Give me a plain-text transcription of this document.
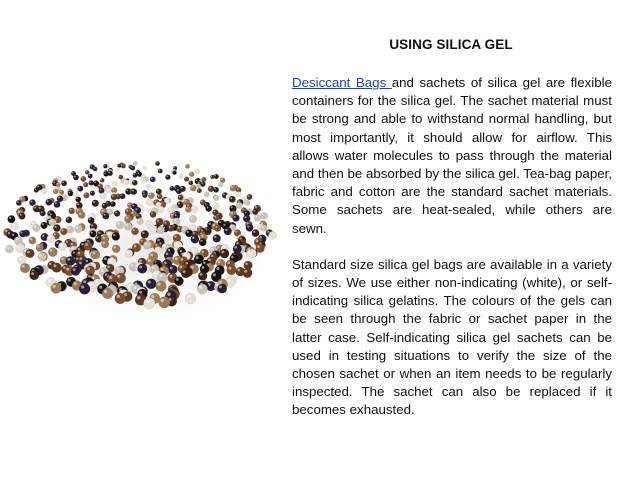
USING SILICA GEL

Desiccant Bags and sachets of silica gel are flexible containers for the silica gel. The sachet material must be strong and able to withstand normal handling, but most importantly, it should allow for airflow. This allows water molecules to pass through the material and then be absorbed by the silica gel. Tea-bag paper, fabric and cotton are the standard sachet materials. Some sachets are heat-sealed, while others are sewn.

Standard size silica gel bags are available in a variety of sizes. We use either non-indicating (white), or self-indicating silica gelatins. The colours of the gels can be seen through the fabric or sachet paper in the latter case. Self-indicating silica gel sachets can be used in testing situations to verify the size of the chosen sachet or when an item needs to be regularly inspected. The sachet can also be replaced if it becomes exhausted.
